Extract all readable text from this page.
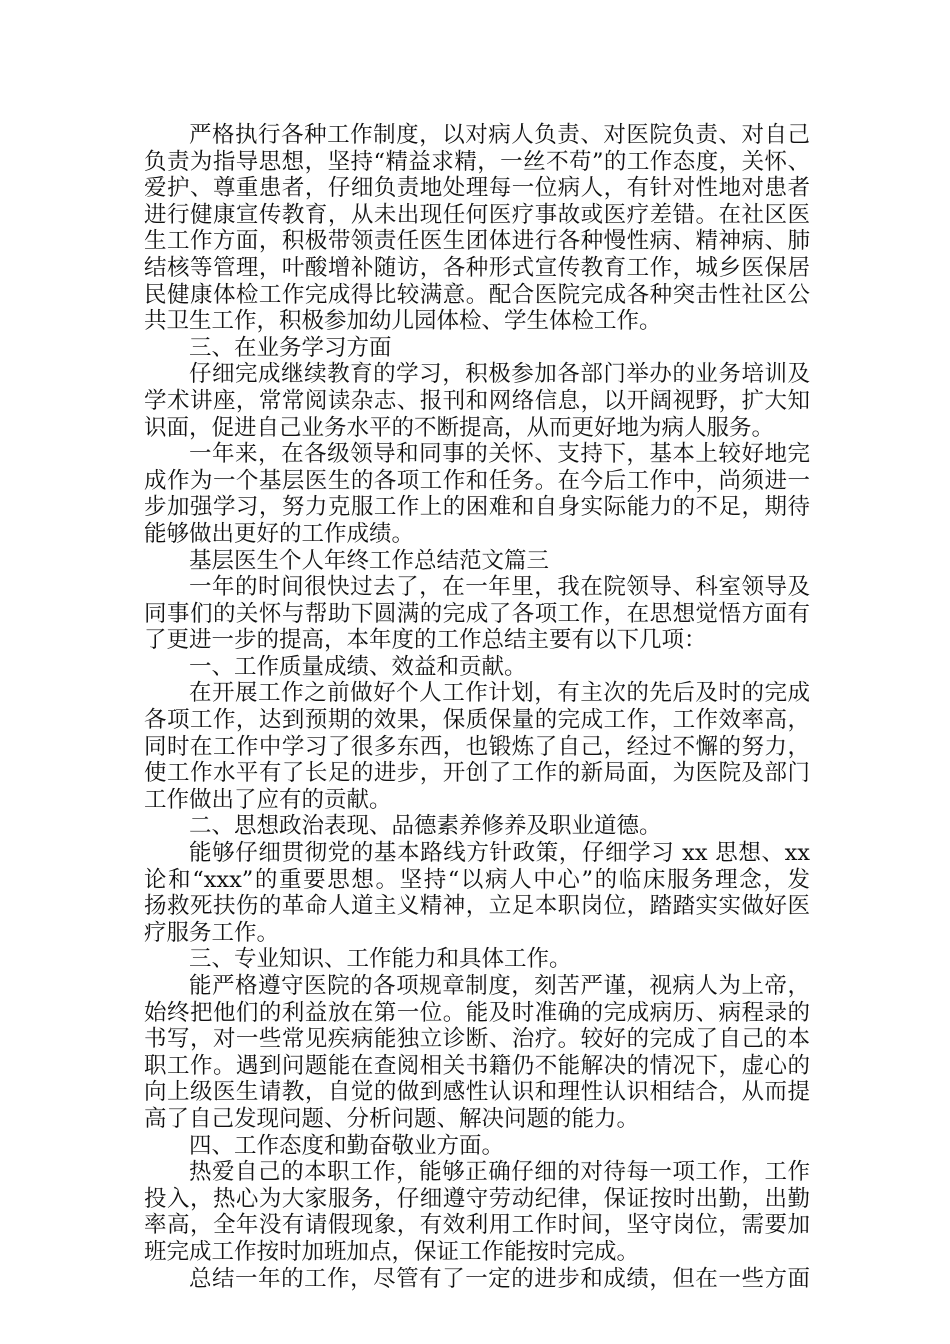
严格执行各种工作制度，以对病人负责、对医院负责、对自己
负责为指导思想，坚持“精益求精，一丝不苟”的工作态度，关怀、
爱护、尊重患者，仔细负责地处理每一位病人，有针对性地对患者
进行健康宣传教育，从未出现任何医疗事故或医疗差错。在社区医
生工作方面，积极带领责任医生团体进行各种慢性病、精神病、肺
结核等管理，叶酸增补随访，各种形式宣传教育工作，城乡医保居
民健康体检工作完成得比较满意。配合医院完成各种突击性社区公
共卫生工作，积极参加幼儿园体检、学生体检工作。
三、在业务学习方面
仔细完成继续教育的学习，积极参加各部门举办的业务培训及
学术讲座，常常阅读杂志、报刊和网络信息，以开阔视野，扩大知
识面，促进自己业务水平的不断提高，从而更好地为病人服务。
一年来，在各级领导和同事的关怀、支持下，基本上较好地完
成作为一个基层医生的各项工作和任务。在今后工作中，尚须进一
步加强学习，努力克服工作上的困难和自身实际能力的不足，期待
能够做出更好的工作成绩。
基层医生个人年终工作总结范文篇三
一年的时间很快过去了，在一年里，我在院领导、科室领导及
同事们的关怀与帮助下圆满的完成了各项工作，在思想觉悟方面有
了更进一步的提高，本年度的工作总结主要有以下几项：
一、工作质量成绩、效益和贡献。
在开展工作之前做好个人工作计划，有主次的先后及时的完成
各项工作，达到预期的效果，保质保量的完成工作，工作效率高，
同时在工作中学习了很多东西，也锻炼了自己，经过不懈的努力，
使工作水平有了长足的进步，开创了工作的新局面，为医院及部门
工作做出了应有的贡献。
二、思想政治表现、品德素养修养及职业道德。
能够仔细贯彻党的基本路线方针政策，仔细学习 xx 思想、xx
论和“xxx”的重要思想。坚持“以病人中心”的临床服务理念，发
扬救死扶伤的革命人道主义精神，立足本职岗位，踏踏实实做好医
疗服务工作。
三、专业知识、工作能力和具体工作。
能严格遵守医院的各项规章制度，刻苦严谨，视病人为上帝，
始终把他们的利益放在第一位。能及时准确的完成病历、病程录的
书写，对一些常见疾病能独立诊断、治疗。较好的完成了自己的本
职工作。遇到问题能在查阅相关书籍仍不能解决的情况下，虚心的
向上级医生请教，自觉的做到感性认识和理性认识相结合，从而提
高了自己发现问题、分析问题、解决问题的能力。
四、工作态度和勤奋敬业方面。
热爱自己的本职工作，能够正确仔细的对待每一项工作，工作
投入，热心为大家服务，仔细遵守劳动纪律，保证按时出勤，出勤
率高，全年没有请假现象，有效利用工作时间，坚守岗位，需要加
班完成工作按时加班加点，保证工作能按时完成。
总结一年的工作，尽管有了一定的进步和成绩，但在一些方面
